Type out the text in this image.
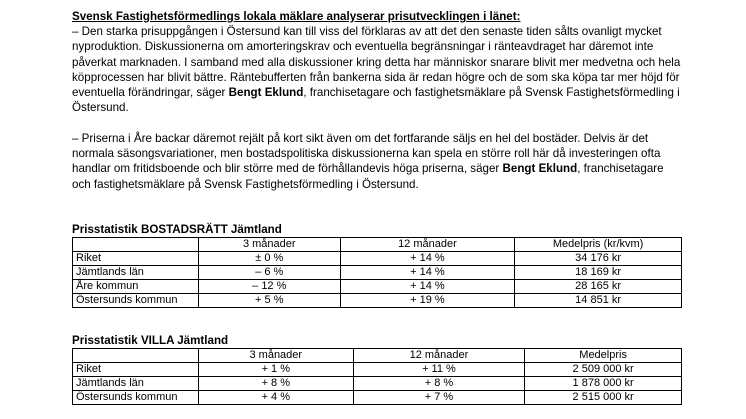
Svensk Fastighetsförmedlings lokala mäklare analyserar prisutvecklingen i länet:

– Den starka prisuppgången i Östersund kan till viss del förklaras av att det den senaste tiden sålts ovanligt mycket nyproduktion. Diskussionerna om amorteringskrav och eventuella begränsningar i ränteavdraget har däremot inte påverkat marknaden. I samband med alla diskussioner kring detta har människor snarare blivit mer medvetna och hela köpprocessen har blivit bättre. Räntebufferten från bankerna sida är redan högre och de som ska köpa tar mer höjd för eventuella förändringar, säger Bengt Eklund, franchisetagare och fastighetsmäklare på Svensk Fastighetsförmedling i Östersund.

– Priserna i Åre backar däremot rejält på kort sikt även om det fortfarande säljs en hel del bostäder. Delvis är det normala säsongsvariationer, men bostadspolitiska diskussionerna kan spela en större roll här då investeringen ofta handlar om fritidsboende och blir större med de förhållandevis höga priserna, säger Bengt Eklund, franchisetagare och fastighetsmäklare på Svensk Fastighetsförmedling i Östersund.

Prisstatistik BOSTADSRÄTT Jämtland

	3 månader	12 månader	Medelpris (kr/kvm)
Riket	± 0 %	+ 14 %	34 176 kr
Jämtlands län	– 6 %	+ 14 %	18 169 kr
Åre kommun	– 12 %	+ 14 %	28 165 kr
Östersunds kommun	+ 5 %	+ 19 %	14 851 kr

Prisstatistik VILLA Jämtland

	3 månader	12 månader	Medelpris
Riket	+ 1 %	+ 11 %	2 509 000 kr
Jämtlands län	+ 8 %	+ 8 %	1 878 000 kr
Östersunds kommun	+ 4 %	+ 7 %	2 515 000 kr
